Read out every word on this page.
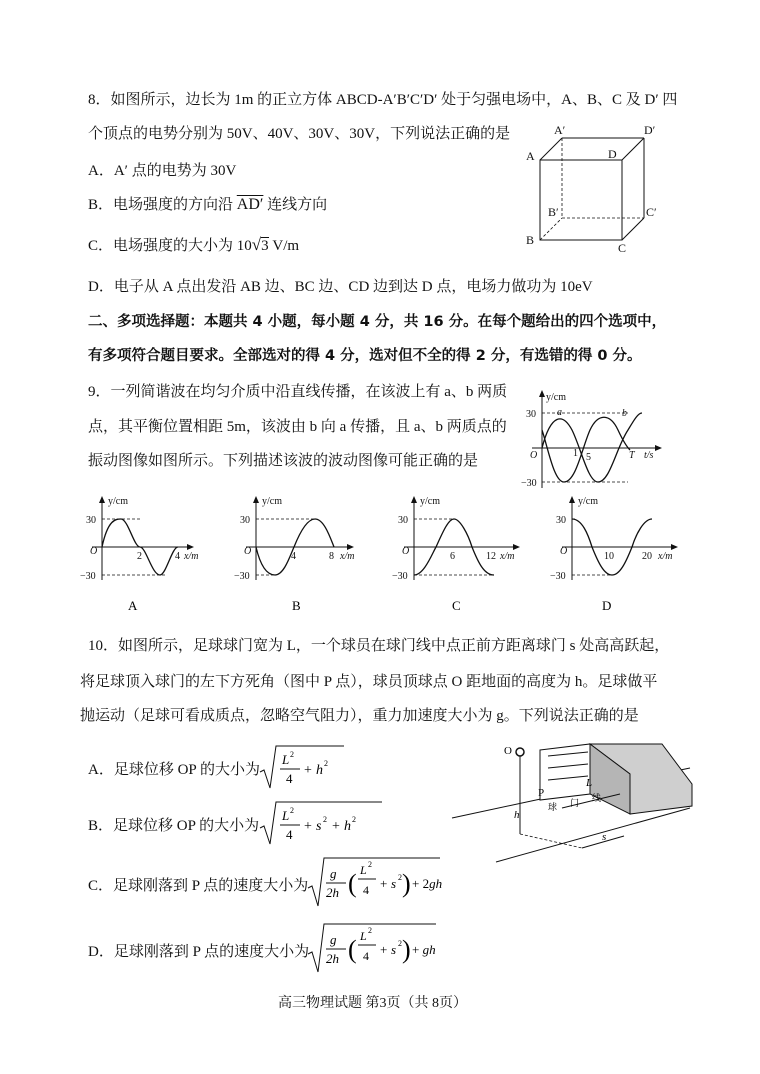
8．如图所示，边长为 1m 的正立方体 ABCD-A′B′C′D′ 处于匀强电场中，A、B、C 及 D′ 四
个顶点的电势分别为 50V、40V、30V、30V，下列说法正确的是
A．A′ 点的电势为 30V
B．电场强度的方向沿 AD′ 连线方向
C．电场强度的大小为 10√3 V/m
D．电子从 A 点出发沿 AB 边、BC 边、CD 边到达 D 点，电场力做功为 10eV
A′	D′
A	D
B′	C′
B
C
二、多项选择题：本题共 4 小题，每小题 4 分，共 16 分。在每个题给出的四个选项中，
有多项符合题目要求。全部选对的得 4 分，选对但不全的得 2 分，有选错的得 0 分。
9．一列简谐波在均匀介质中沿直线传播，在该波上有 a、b 两质
点，其平衡位置相距 5m，该波由 b 向 a 传播，且 a、b 两质点的
振动图像如图所示。下列描述该波的波动图像可能正确的是
y/cm
30
−30
O
a	b
1 5	T t/s
y/cm
30
−30
O	2	4 x/m
A
y/cm
30
−30
O	4	8 x/m
B
y/cm
30
−30
O	6	12 x/m
C
y/cm
30
−30
O	10	20 x/m
D
10．如图所示，足球球门宽为 L，一个球员在球门线中点正前方距离球门 s 处高高跃起，
将足球顶入球门的左下方死角（图中 P 点），球员顶球点 O 距地面的高度为 h。足球做平
抛运动（足球可看成质点，忽略空气阻力），重力加速度大小为 g。下列说法正确的是
A．足球位移 OP 的大小为
L 2
4
+ h 2
B．足球位移 OP 的大小为
L 2
4
+ s 2 + h 2
C．足球刚落到 P 点的速度大小为
g
2h ( L 2
4 + s 2 ) + 2gh
D．足球刚落到 P 点的速度大小为
g
2h ( L 2
4 + s 2 ) + gh
O
P
h
L
s
球 门 线
高三物理试题 第3页（共 8页）
